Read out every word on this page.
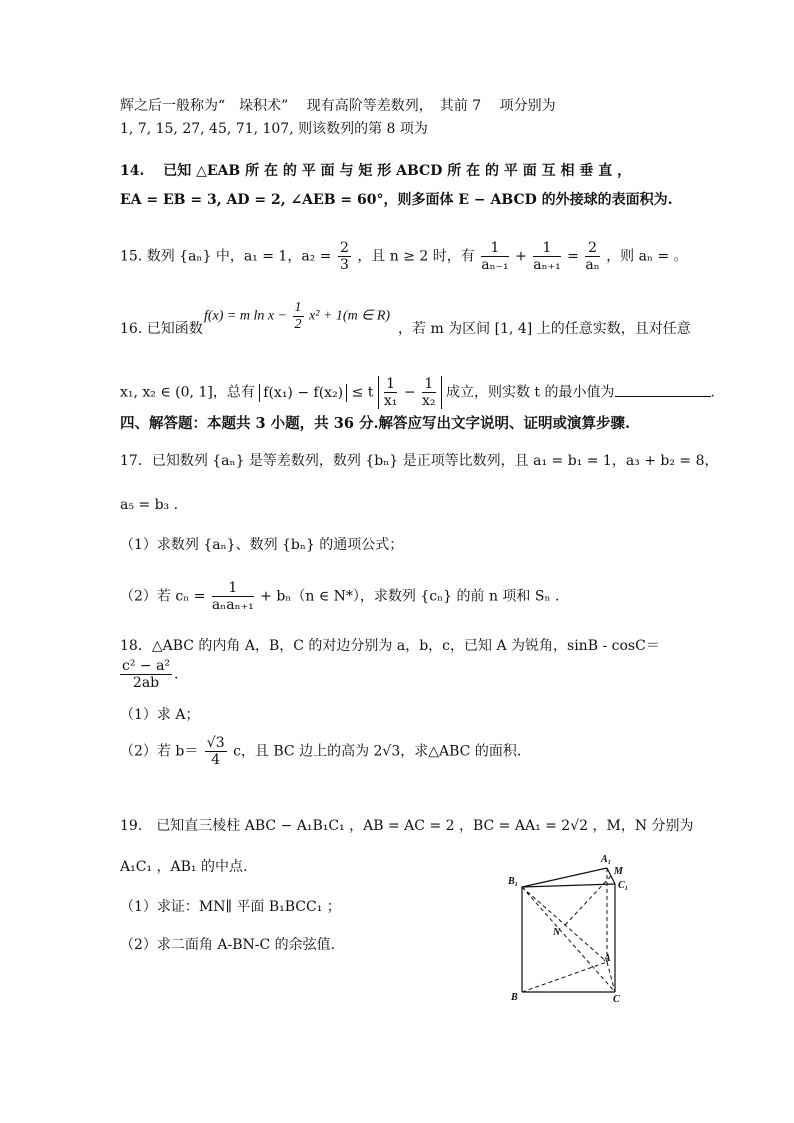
辉之后一般称为“　垛积术”　 现有高阶等差数列，　其前 7　 项分别为
1, 7, 15, 27, 45, 71, 107, 则该数列的第 8 项为
14.　 已知 △EAB 所 在 的 平 面 与 矩 形 ABCD 所 在 的 平 面 互 相 垂 直 ，
EA = EB = 3, AD = 2, ∠AEB = 60°，则多面体 E − ABCD 的外接球的表面积为.
15. 数列 {aₙ} 中，a₁ = 1，$a_2 = \frac{2}{3}$ ，且 n ≥ 2 时，有 $\frac{1}{\text{aₙ₋₁}} + \frac{1}{\text{aₙ₊₁}} = \frac{2}{\text{aₙ}}$ ，则 aₙ = 。
f(x) = m $\ln x - \frac{1}{2} x^2 + 1(m$ ∈ R)
16. 已知函数	，若 m 为区间 [1, 4] 上的任意实数，且对任意
x₁, x₂ ∈ (0, 1]，总有 f(x₁) − f(x₂) ≤ t $\frac{1}{\text{x₁}} - \frac{1}{\text{x₂}}$ 成立，则实数 t 的最小值为	.
四、解答题：本题共 3 小题，共 36 分.解答应写出文字说明、证明或演算步骤.
17．已知数列 {aₙ} 是等差数列，数列 {bₙ} 是正项等比数列，且 a₁ = b₁ = 1，a₃ + b₂ = 8，
a₅ = b₃ .
（1）求数列 {aₙ}、数列 {bₙ} 的通项公式；
（2）若 $c_n = \frac{1}{\text{aₙaₙ₊₁}} + b_n(n$ ∈ N*），求数列 {cₙ} 的前 n 项和 Sₙ .
18．△ABC 的内角 A，B，C 的对边分别为 a，b，c，已知 A 为锐角，sinB - cosC＝
$\frac{\text{c² − a²}}{2ab}$ .
（1）求 A；
（2）若 $b= \frac{√3}{4}$ c，且 BC 边上的高为 2√3，求△ABC 的面积．
19.　已知直三棱柱 ABC − A₁B₁C₁ ，AB = AC = 2 ，BC = AA₁ = 2√2 ，M，N 分别为
A₁C₁ ，AB₁ 的中点.
（1）求证：MN∥ 平面 B₁BCC₁ ；
（2）求二面角 A-BN-C 的余弦值.
A₁
M
B₁	C₁
N
A
B	C
